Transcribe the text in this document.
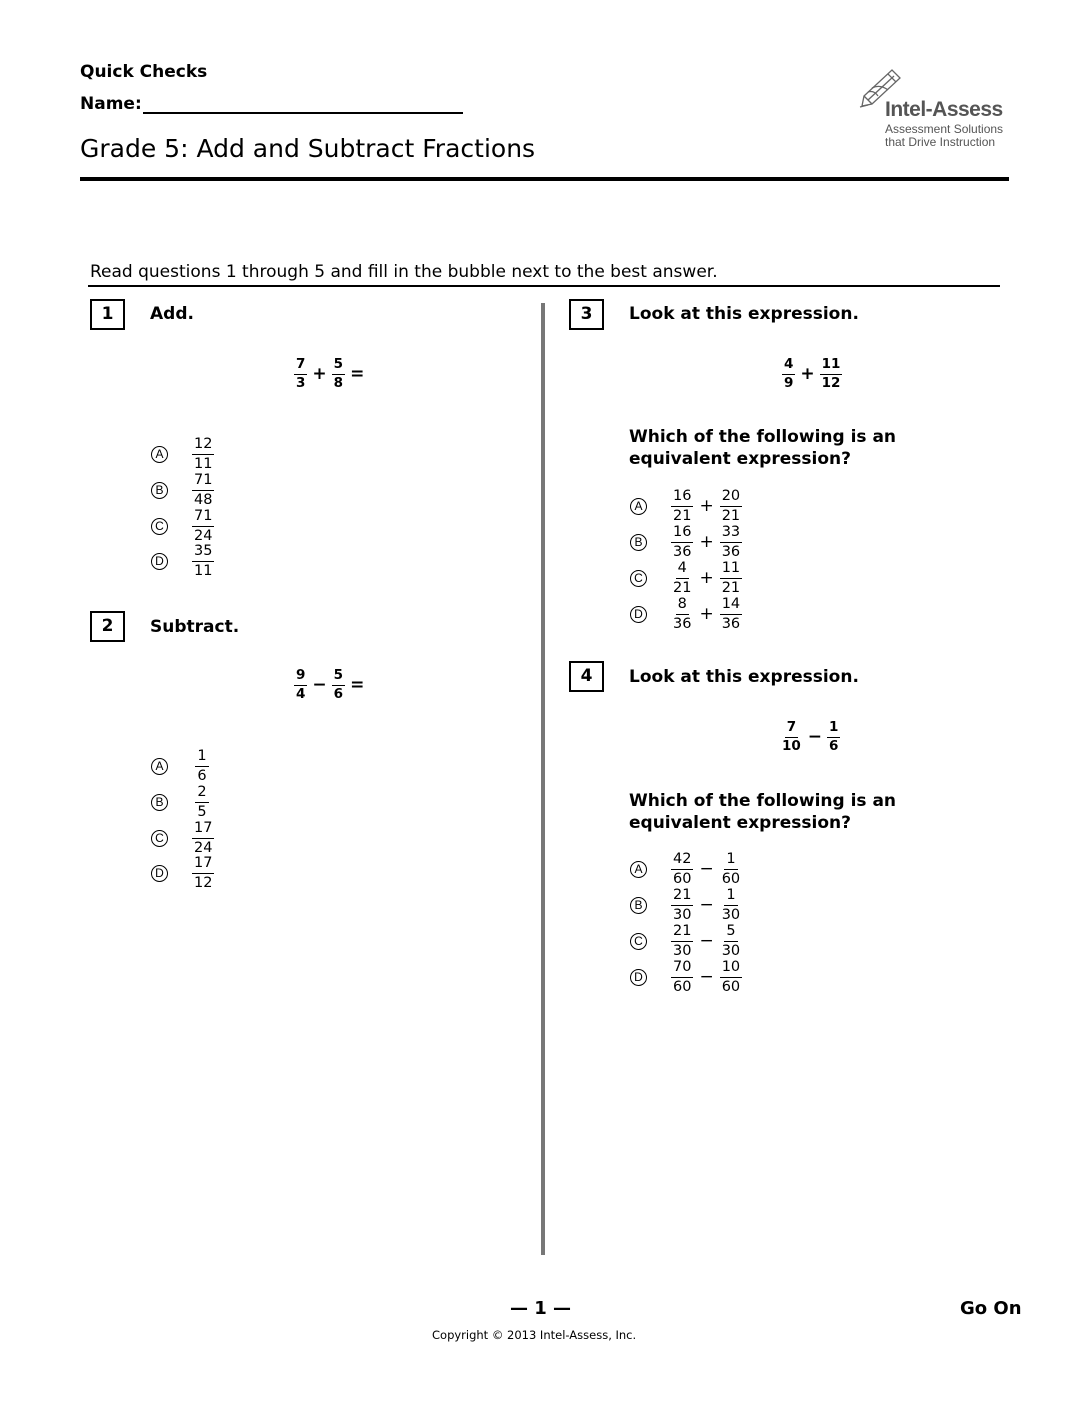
Quick Checks
Name:
Grade 5: Add and Subtract Fractions
Intel-Assess
Assessment Solutions
that Drive Instruction
Read questions 1 through 5 and fill in the bubble next to the best answer.
1	Add.
$\frac{7}{3} + \frac{5}{8}$ =
A	$\frac{12}{11}$
B	$\frac{71}{48}$
C $\frac{71}{24}$
D $\frac{35}{11}$
2	Subtract.
$\frac{9}{4} - \frac{5}{6}$ =
A	$\frac{1}{6}$
B	$\frac{2}{5}$
C $\frac{17}{24}$
D $\frac{17}{12}$
3	Look at this expression.
$\frac{4}{9} + \frac{11}{12}$
Which of the following is an
equivalent expression?
A	$\frac{16}{21} + \frac{20}{21}$
B	$\frac{16}{36} + \frac{33}{36}$
C $\frac{4}{21} + \frac{11}{21}$
D $\frac{8}{36} + \frac{14}{36}$
4	Look at this expression.
$\frac{7}{10} - \frac{1}{6}$
Which of the following is an
equivalent expression?
A	$\frac{42}{60} - \frac{1}{60}$
B	$\frac{21}{30} - \frac{1}{30}$
C $\frac{21}{30} - \frac{5}{30}$
D $\frac{70}{60} - \frac{10}{60}$
— 1 —	Go On
Copyright © 2013 Intel-Assess, Inc.
